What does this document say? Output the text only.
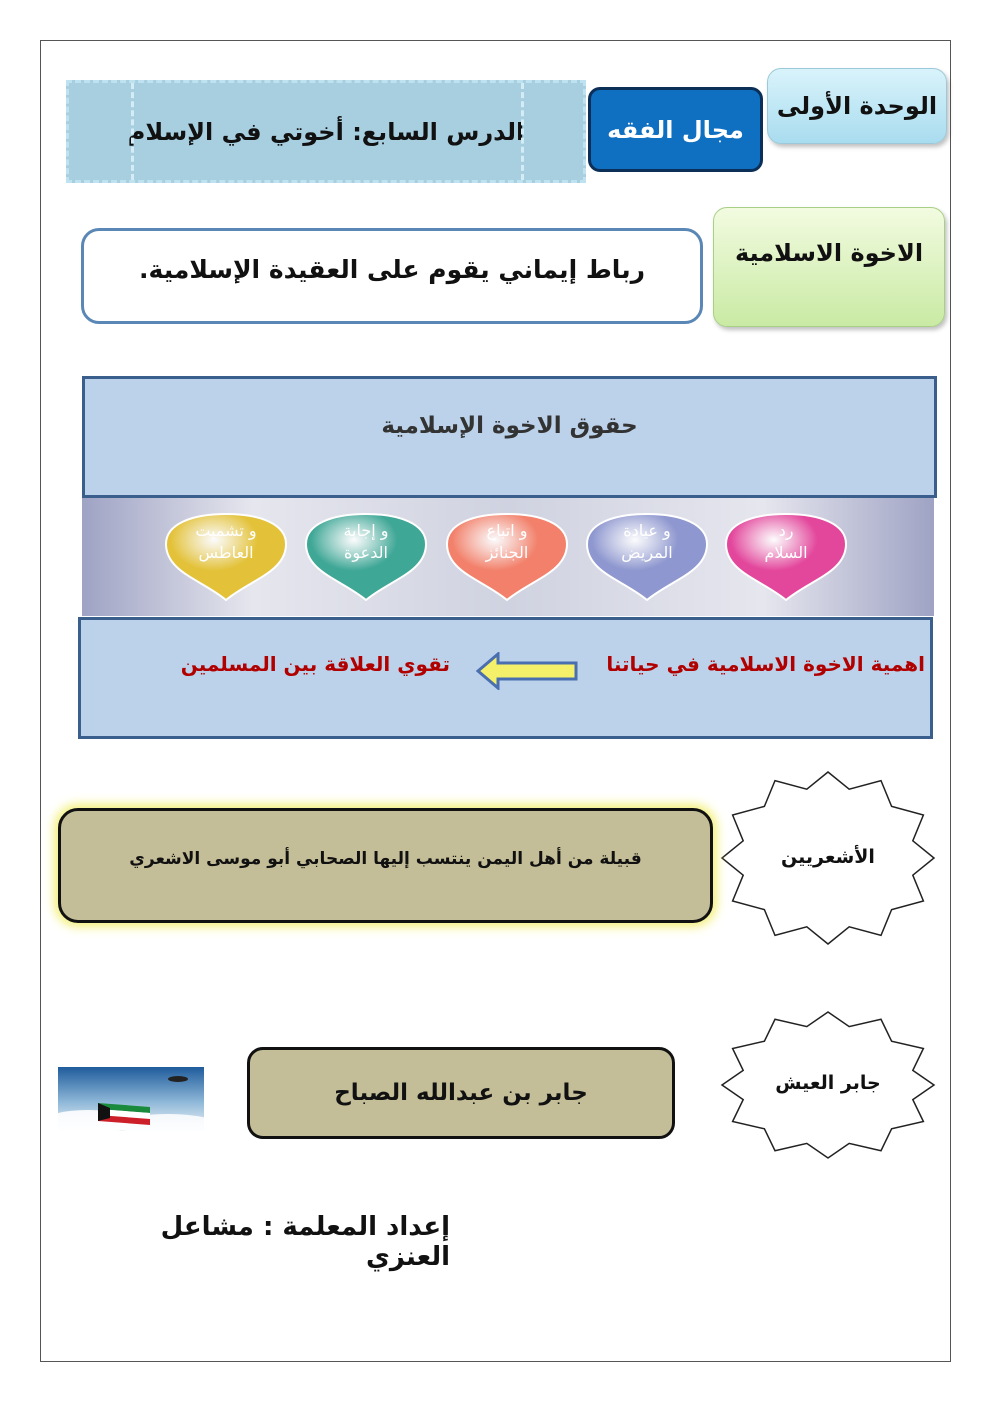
الوحدة الأولى
مجال الفقه
الدرس السابع: أخوتي في الإسلام
الاخوة الاسلامية
رباط إيماني يقوم على العقيدة الإسلامية.
حقوق الاخوة الإسلامية
رد
السلام
و عيادة
المريض
و اتباع
الجنائز
و إجابة
الدعوة
و تشميت
العاطس
اهمية الاخوة الاسلامية في حياتنا
تقوي العلاقة بين المسلمين
الأشعريين
قبيلة من أهل اليمن ينتسب إليها الصحابي أبو موسى الاشعري
جابر العيش
جابر بن عبدالله الصباح
إعداد المعلمة : مشاعل العنزي
